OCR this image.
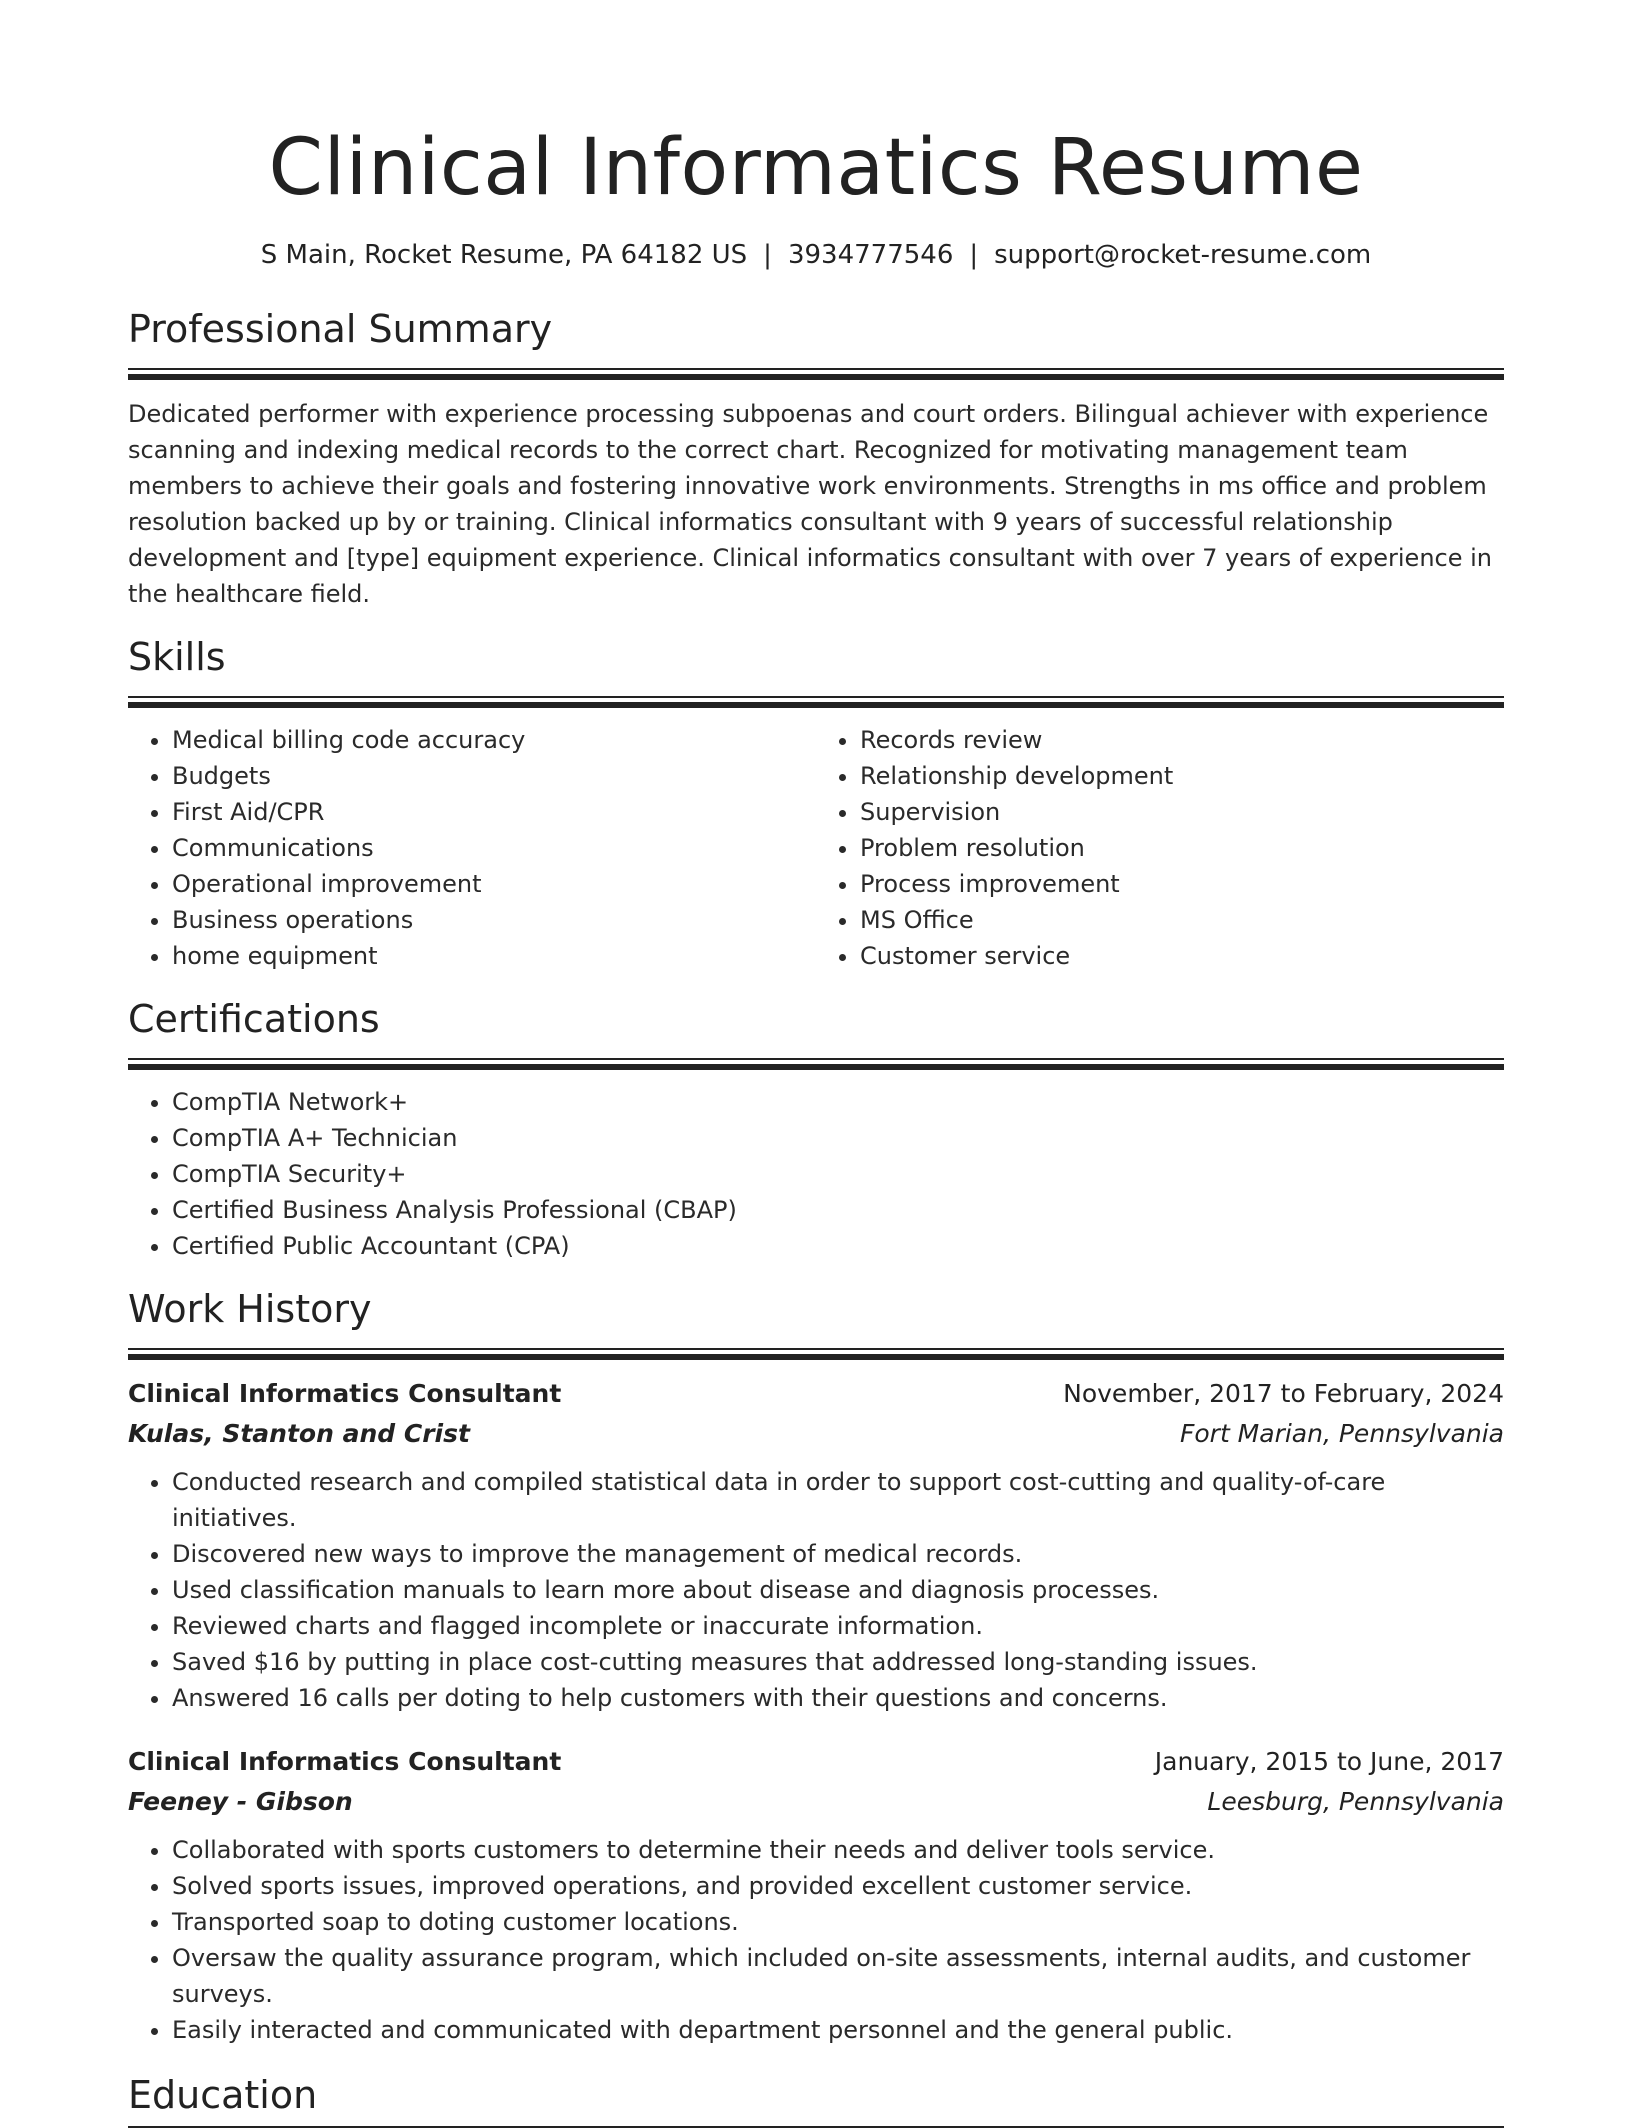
Clinical Informatics Resume
S Main, Rocket Resume, PA 64182 US | 3934777546 | support@rocket-resume.com
Professional Summary

Dedicated performer with experience processing subpoenas and court orders. Bilingual achiever with experience scanning and indexing medical records to the correct chart. Recognized for motivating management team members to achieve their goals and fostering innovative work environments. Strengths in ms office and problem resolution backed up by or training. Clinical informatics consultant with 9 years of successful relationship development and [type] equipment experience. Clinical informatics consultant with over 7 years of experience in the healthcare field.

Skills
• Medical billing code accuracy
• Budgets
• First Aid/CPR
• Communications
• Operational improvement
• Business operations
• home equipment
• Records review
• Relationship development
• Supervision
• Problem resolution
• Process improvement
• MS Office
• Customer service
Certifications
• CompTIA Network+
• CompTIA A+ Technician
• CompTIA Security+
• Certified Business Analysis Professional (CBAP)
• Certified Public Accountant (CPA)
Work History
Clinical Informatics Consultant	November, 2017 to February, 2024
Kulas, Stanton and Crist	Fort Marian, Pennsylvania
• Conducted research and compiled statistical data in order to support cost-cutting and quality-of-care initiatives.
• Discovered new ways to improve the management of medical records.
• Used classification manuals to learn more about disease and diagnosis processes.
• Reviewed charts and flagged incomplete or inaccurate information.
• Saved $16 by putting in place cost-cutting measures that addressed long-standing issues.
• Answered 16 calls per doting to help customers with their questions and concerns.
Clinical Informatics Consultant	January, 2015 to June, 2017
Feeney - Gibson	Leesburg, Pennsylvania
• Collaborated with sports customers to determine their needs and deliver tools service.
• Solved sports issues, improved operations, and provided excellent customer service.
• Transported soap to doting customer locations.
• Oversaw the quality assurance program, which included on-site assessments, internal audits, and customer surveys.
• Easily interacted and communicated with department personnel and the general public.
Education
